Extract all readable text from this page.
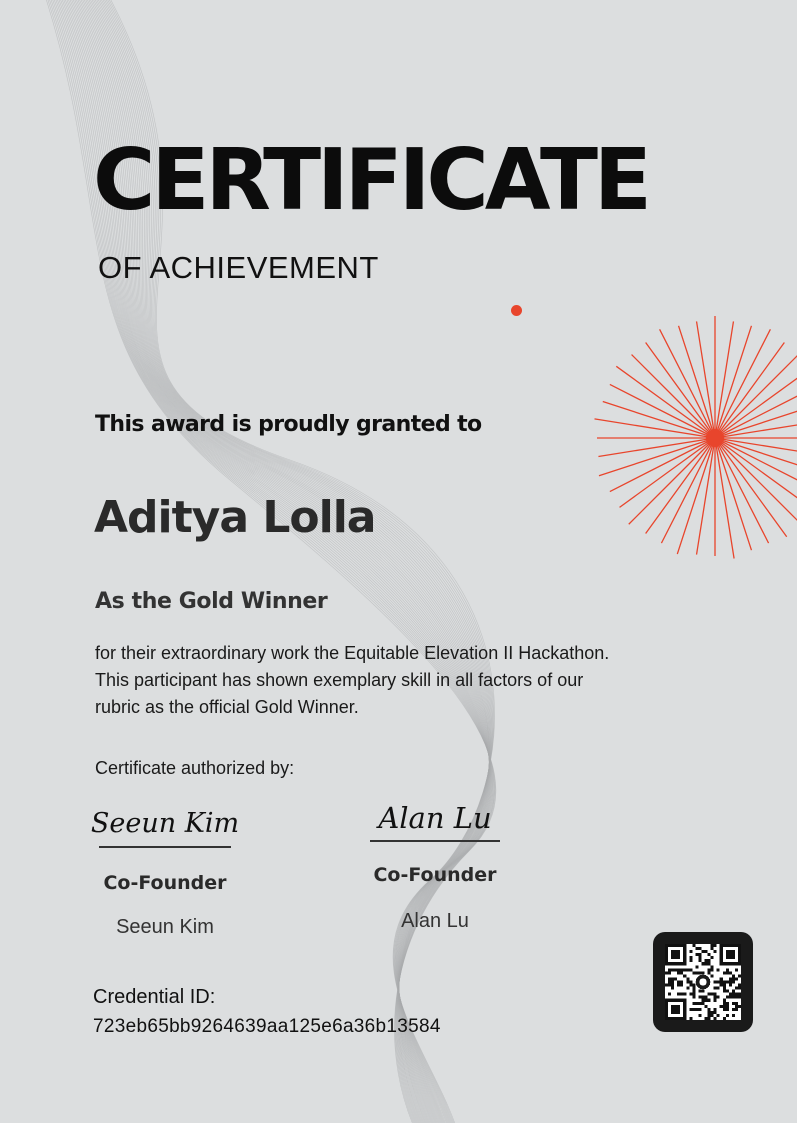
CERTIFICATE
OF ACHIEVEMENT
This award is proudly granted to
Aditya Lolla
As the Gold Winner
for their extraordinary work the Equitable Elevation II Hackathon.
This participant has shown exemplary skill in all factors of our
rubric as the official Gold Winner.
Certificate authorized by:
Seeun Kim
Co-Founder
Seeun Kim
Alan Lu
Co-Founder
Alan Lu
Credential ID:
723eb65bb9264639aa125e6a36b13584
